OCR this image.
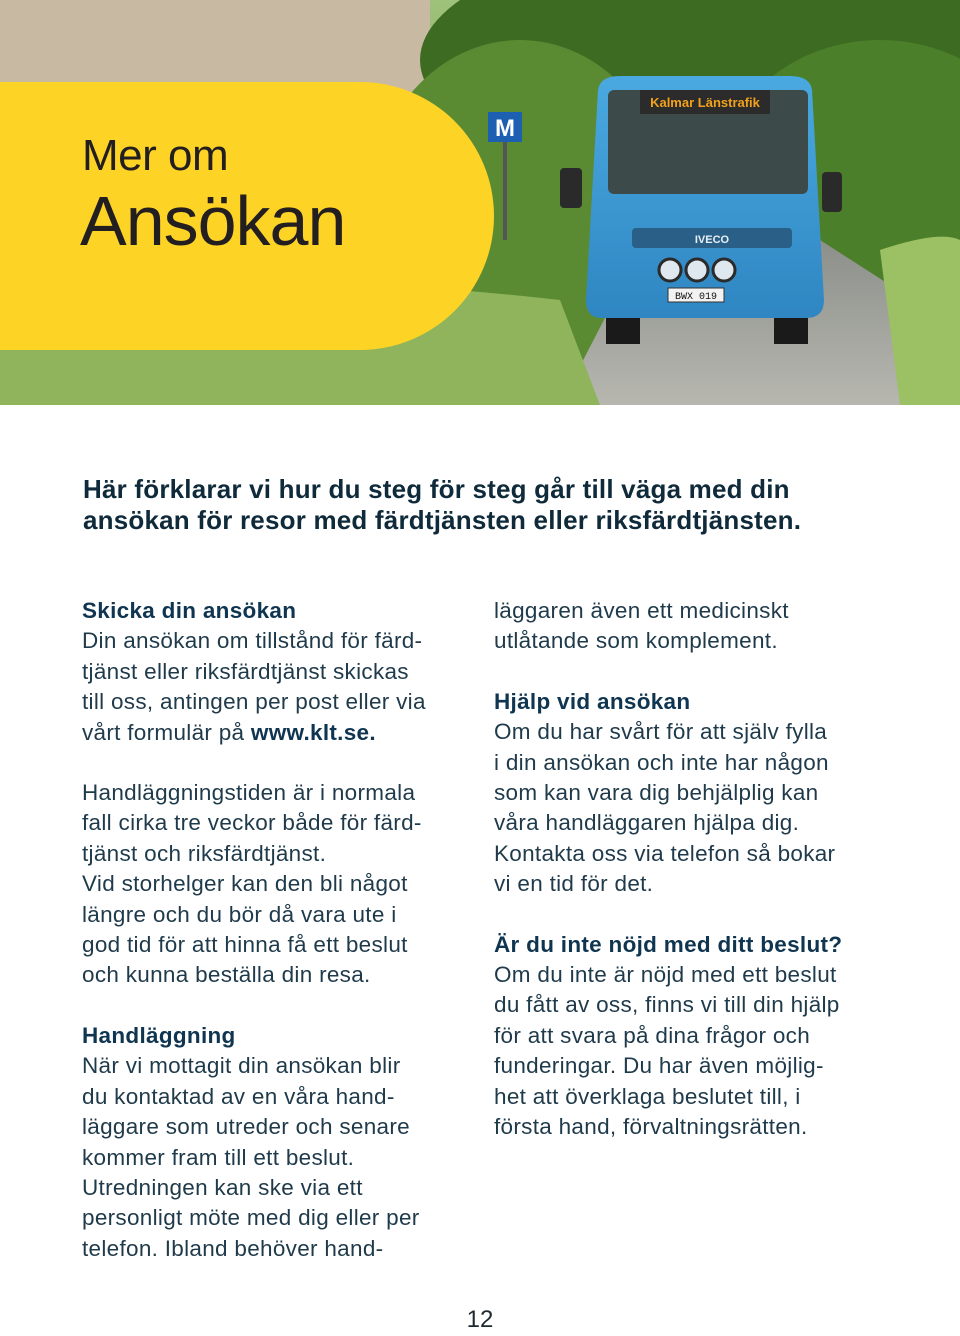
M
Kalmar Länstrafik
IVECO
BWX 019
Mer om
Ansökan
Här förklarar vi hur du steg för steg går till väga med din ansökan för resor med färdtjänsten eller riksfärdtjänsten.
Skicka din ansökan

Din ansökan om tillstånd för färd-

tjänst eller riksfärdtjänst skickas

till oss, antingen per post eller via

vårt formulär på www.klt.se.

Handläggningstiden är i normala

fall cirka tre veckor både för färd-

tjänst och riksfärdtjänst.

Vid storhelger kan den bli något

längre och du bör då vara ute i

god tid för att hinna få ett beslut

och kunna beställa din resa.

Handläggning

När vi mottagit din ansökan blir

du kontaktad av en våra hand-

läggare som utreder och senare

kommer fram till ett beslut.

Utredningen kan ske via ett

personligt möte med dig eller per

telefon. Ibland behöver hand-

läggaren även ett medicinskt

utlåtande som komplement.

Hjälp vid ansökan

Om du har svårt för att själv fylla

i din ansökan och inte har någon

som kan vara dig behjälplig kan

våra handläggaren hjälpa dig.

Kontakta oss via telefon så bokar

vi en tid för det.

Är du inte nöjd med ditt beslut?

Om du inte är nöjd med ett beslut

du fått av oss, finns vi till din hjälp

för att svara på dina frågor och

funderingar. Du har även möjlig-

het att överklaga beslutet till, i

första hand, förvaltningsrätten.

12
